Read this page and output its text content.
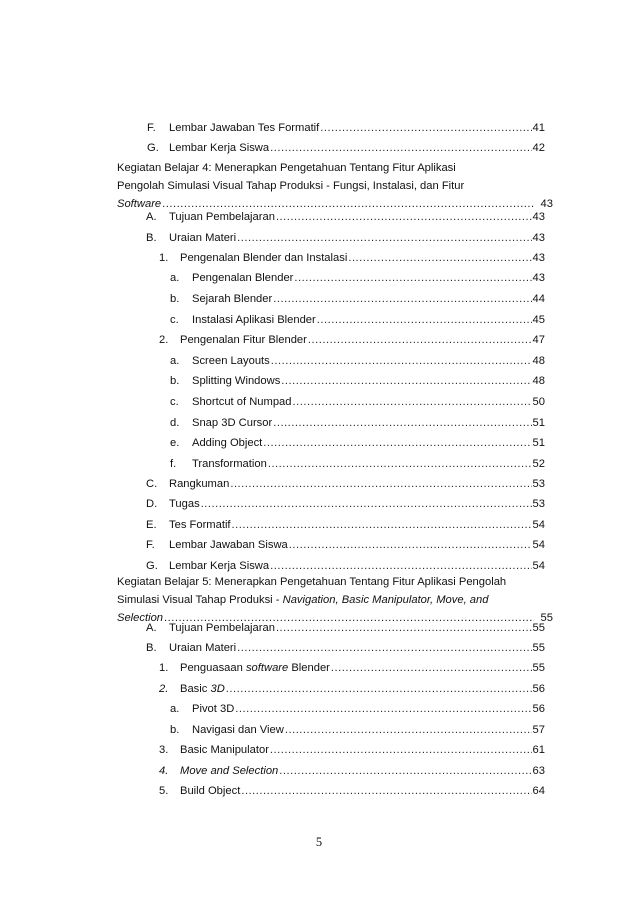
F. Lembar Jawaban Tes Formatif . . .	41
G. Lembar Kerja Siswa . . .	42
Kegiatan Belajar 4: Menerapkan Pengetahuan Tentang Fitur Aplikasi
Pengolah Simulasi Visual Tahap Produksi - Fungsi, Instalasi, dan Fitur
Software . . .	43
A. Tujuan Pembelajaran . . .	43
B. Uraian Materi . . .	43
1. Pengenalan Blender dan Instalasi . . .	43
a. Pengenalan Blender . . .	43
b. Sejarah Blender . . .	44
c. Instalasi Aplikasi Blender . . .	45
2. Pengenalan Fitur Blender . . .	47
a. Screen Layouts . . .	48
b. Splitting Windows . . .	48
c. Shortcut of Numpad . . .	50
d. Snap 3D Cursor . . .	51
e. Adding Object . . .	51
f. Transformation . . .	52
C. Rangkuman . . .	53
D. Tugas . . .	53
E. Tes Formatif . . .	54
F. Lembar Jawaban Siswa . . .	54
G. Lembar Kerja Siswa . . .	54
Kegiatan Belajar 5: Menerapkan Pengetahuan Tentang Fitur Aplikasi Pengolah
Simulasi Visual Tahap Produksi - Navigation, Basic Manipulator, Move, and
Selection . . .	55
A. Tujuan Pembelajaran . . .	55
B. Uraian Materi . . .	55
1. Penguasaan software Blender . . .	55
2. Basic 3D . . .	56
a. Pivot 3D . . .	56
b. Navigasi dan View . . .	57
3. Basic Manipulator . . .	61
4. Move and Selection . . .	63
5. Build Object . . .	64
5
